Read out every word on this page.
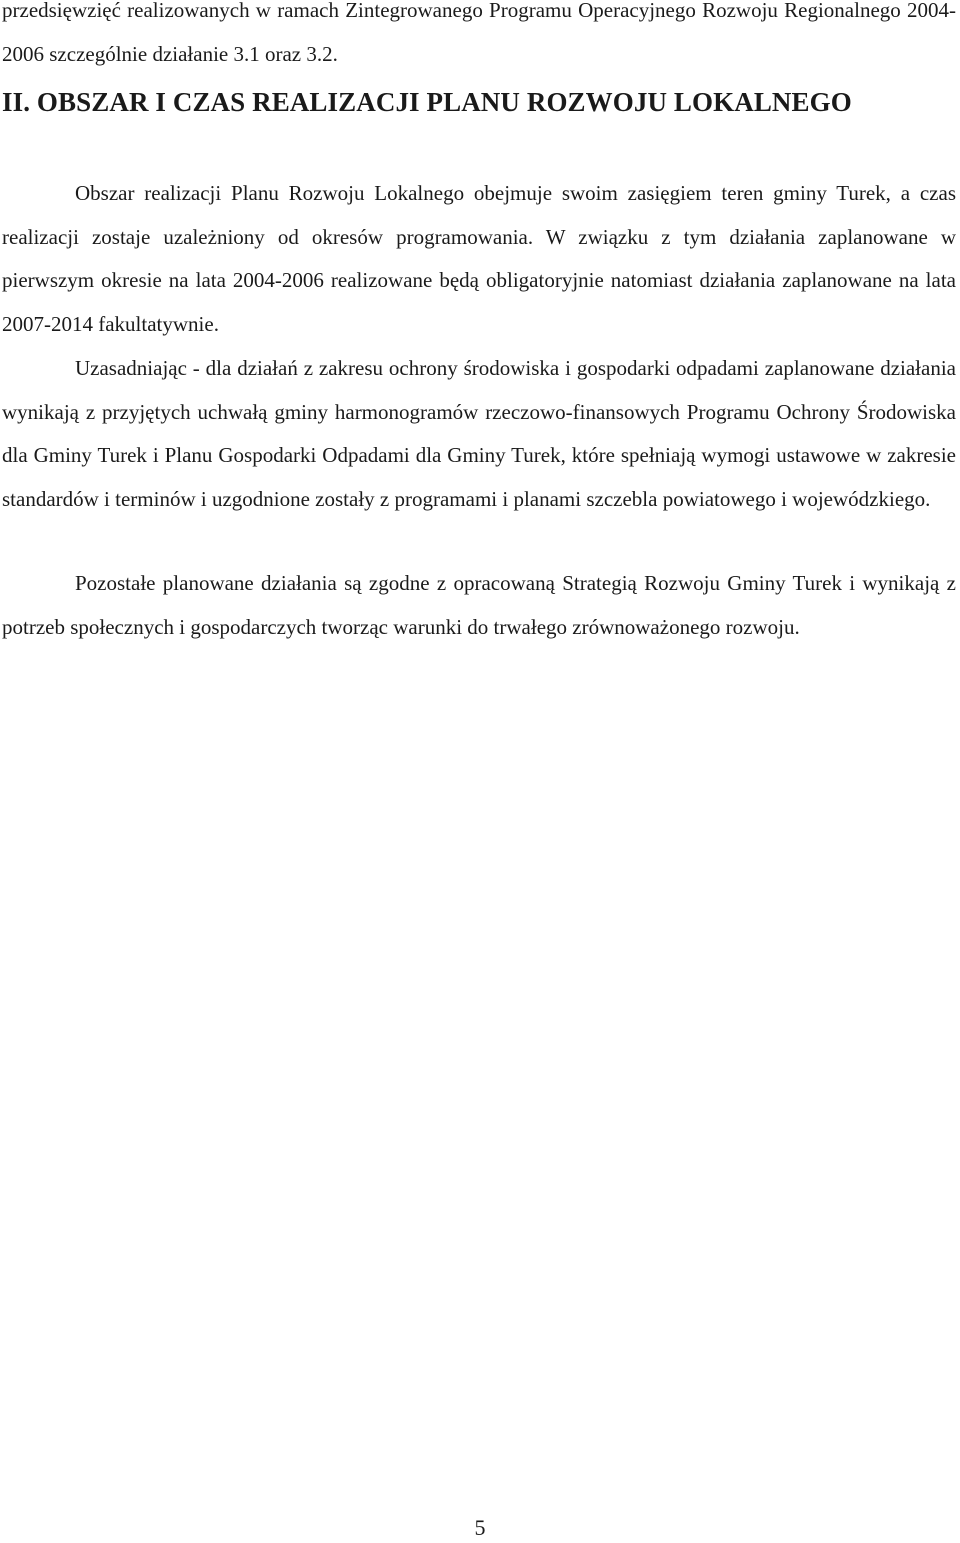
przedsięwzięć realizowanych w ramach Zintegrowanego Programu Operacyjnego Rozwoju Regionalnego 2004-2006 szczególnie działanie 3.1 oraz 3.2.

II. OBSZAR I CZAS REALIZACJI PLANU ROZWOJU LOKALNEGO

Obszar realizacji Planu Rozwoju Lokalnego obejmuje swoim zasięgiem teren gminy Turek, a czas realizacji zostaje uzależniony od okresów programowania. W związku z tym działania zaplanowane w pierwszym okresie na lata 2004-2006 realizowane będą obligatoryjnie natomiast działania zaplanowane na lata 2007-2014 fakultatywnie.

Uzasadniając - dla działań z zakresu ochrony środowiska i gospodarki odpadami zaplanowane działania wynikają z przyjętych uchwałą gminy harmonogramów rzeczowo-finansowych Programu Ochrony Środowiska dla Gminy Turek i Planu Gospodarki Odpadami dla Gminy Turek, które spełniają wymogi ustawowe w zakresie standardów i terminów i uzgodnione zostały z programami i planami szczebla powiatowego i wojewódzkiego.

Pozostałe planowane działania są zgodne z opracowaną Strategią Rozwoju Gminy Turek i wynikają z potrzeb społecznych i gospodarczych tworząc warunki do trwałego zrównoważonego rozwoju.

5
